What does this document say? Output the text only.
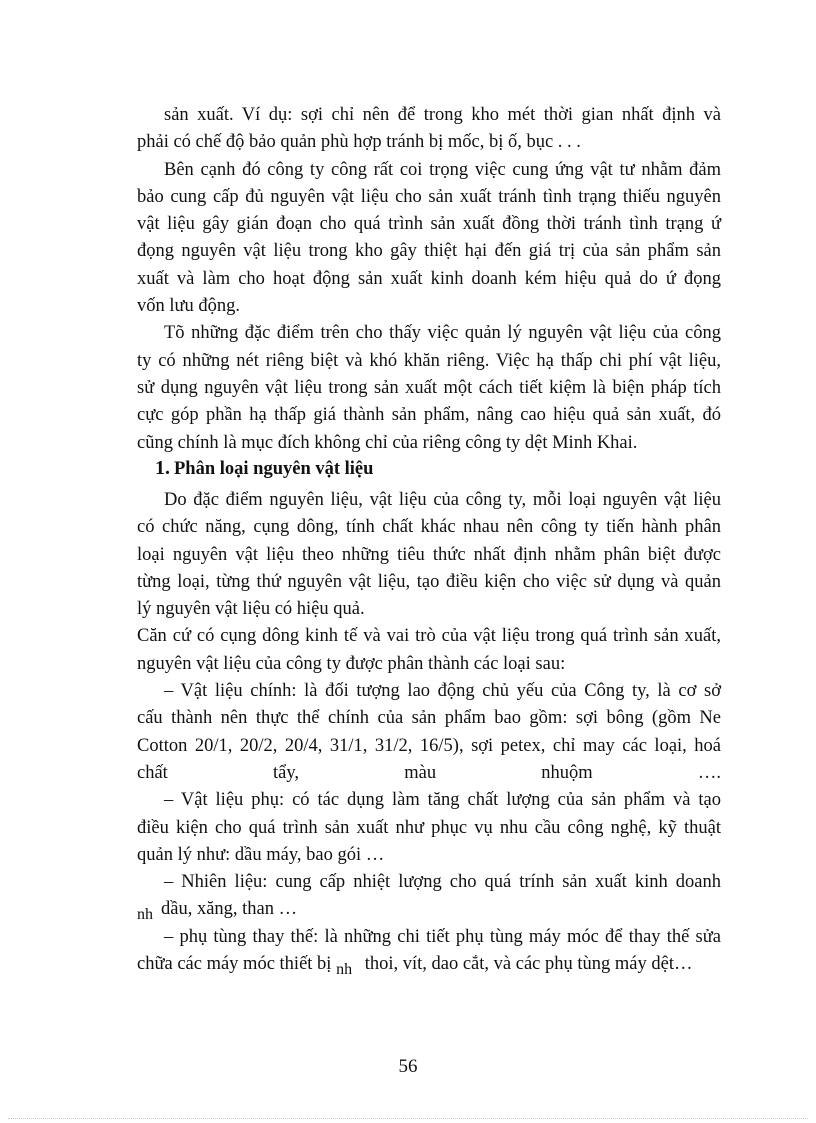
sản xuất. Ví dụ: sợi chỉ nên để trong kho mét thời gian nhất định và
phải có chế độ bảo quản phù hợp tránh bị mốc, bị ố, bục . . .
Bên cạnh đó công ty công rất coi trọng việc cung ứng vật tư nhằm đảm
bảo cung cấp đủ nguyên vật liệu cho sản xuất tránh tình trạng thiếu nguyên
vật liệu gây gián đoạn cho quá trình sản xuất đồng thời tránh tình trạng ứ
đọng nguyên vật liệu trong kho gây thiệt hại đến giá trị của sản phẩm sản
xuất và làm cho hoạt động sản xuất kinh doanh kém hiệu quả do ứ đọng
vốn lưu động.
Tõ những đặc điểm trên cho thấy việc quản lý nguyên vật liệu của công
ty có những nét riêng biệt và khó khăn riêng. Việc hạ thấp chi phí vật liệu,
sử dụng nguyên vật liệu trong sản xuất một cách tiết kiệm là biện pháp tích
cực góp phần hạ thấp giá thành sản phẩm, nâng cao hiệu quả sản xuất, đó
cũng chính là mục đích không chỉ của riêng công ty dệt Minh Khai.
1. Phân loại nguyên vật liệu
Do đặc điểm nguyên liệu, vật liệu của công ty, mỗi loại nguyên vật liệu
có chức năng, cụng dông, tính chất khác nhau nên công ty tiến hành phân
loại nguyên vật liệu theo những tiêu thức nhất định nhằm phân biệt được
từng loại, từng thứ nguyên vật liệu, tạo điều kiện cho việc sử dụng và quản
lý nguyên vật liệu có hiệu quả.
Căn cứ có cụng dông kinh tế và vai trò của vật liệu trong quá trình sản xuất,
nguyên vật liệu của công ty được phân thành các loại sau:
– Vật liệu chính: là đối tượng lao động chủ yếu của Công ty, là cơ sở
cấu thành nên thực thể chính của sản phẩm bao gồm: sợi bông (gồm Ne
Cotton 20/1, 20/2, 20/4, 31/1, 31/2, 16/5), sợi petex, chỉ may các loại, hoá
chất tẩy, màu nhuộm ….
– Vật liệu phụ: có tác dụng làm tăng chất lượng của sản phẩm và tạo
điều kiện cho quá trình sản xuất như phục vụ nhu cầu công nghệ, kỹ thuật
quản lý như: dầu máy, bao gói …
– Nhiên liệu: cung cấp nhiệt lượng cho quá trính sản xuất kinh doanh
nh dầu, xăng, than …
– phụ tùng thay thế: là những chi tiết phụ tùng máy móc để thay thế sửa
chữa các máy móc thiết bị nh thoi, vít, dao cắt, và các phụ tùng máy dệt…
56
